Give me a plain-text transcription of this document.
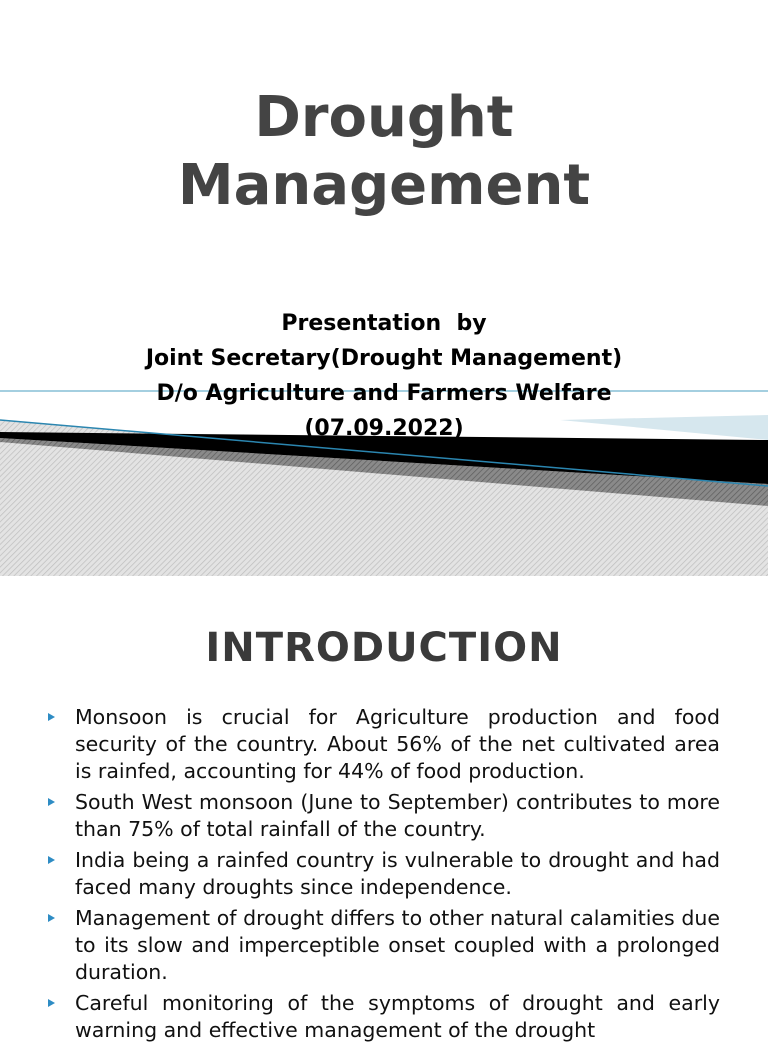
Drought
Management
Presentation  by
Joint Secretary(Drought Management)
D/o Agriculture and Farmers Welfare
(07.09.2022)
INTRODUCTION
Monsoon is crucial for Agriculture production and food security of the country. About 56% of the net cultivated area is rainfed, accounting for 44% of food production.
South West monsoon (June to September) contributes to more than 75% of total rainfall of the country.
India being a rainfed country is vulnerable to drought and had faced many droughts since independence.
Management of drought differs to other natural calamities due to its slow and imperceptible onset coupled with a prolonged duration.
Careful monitoring of the symptoms of drought and early warning and effective management of the drought
